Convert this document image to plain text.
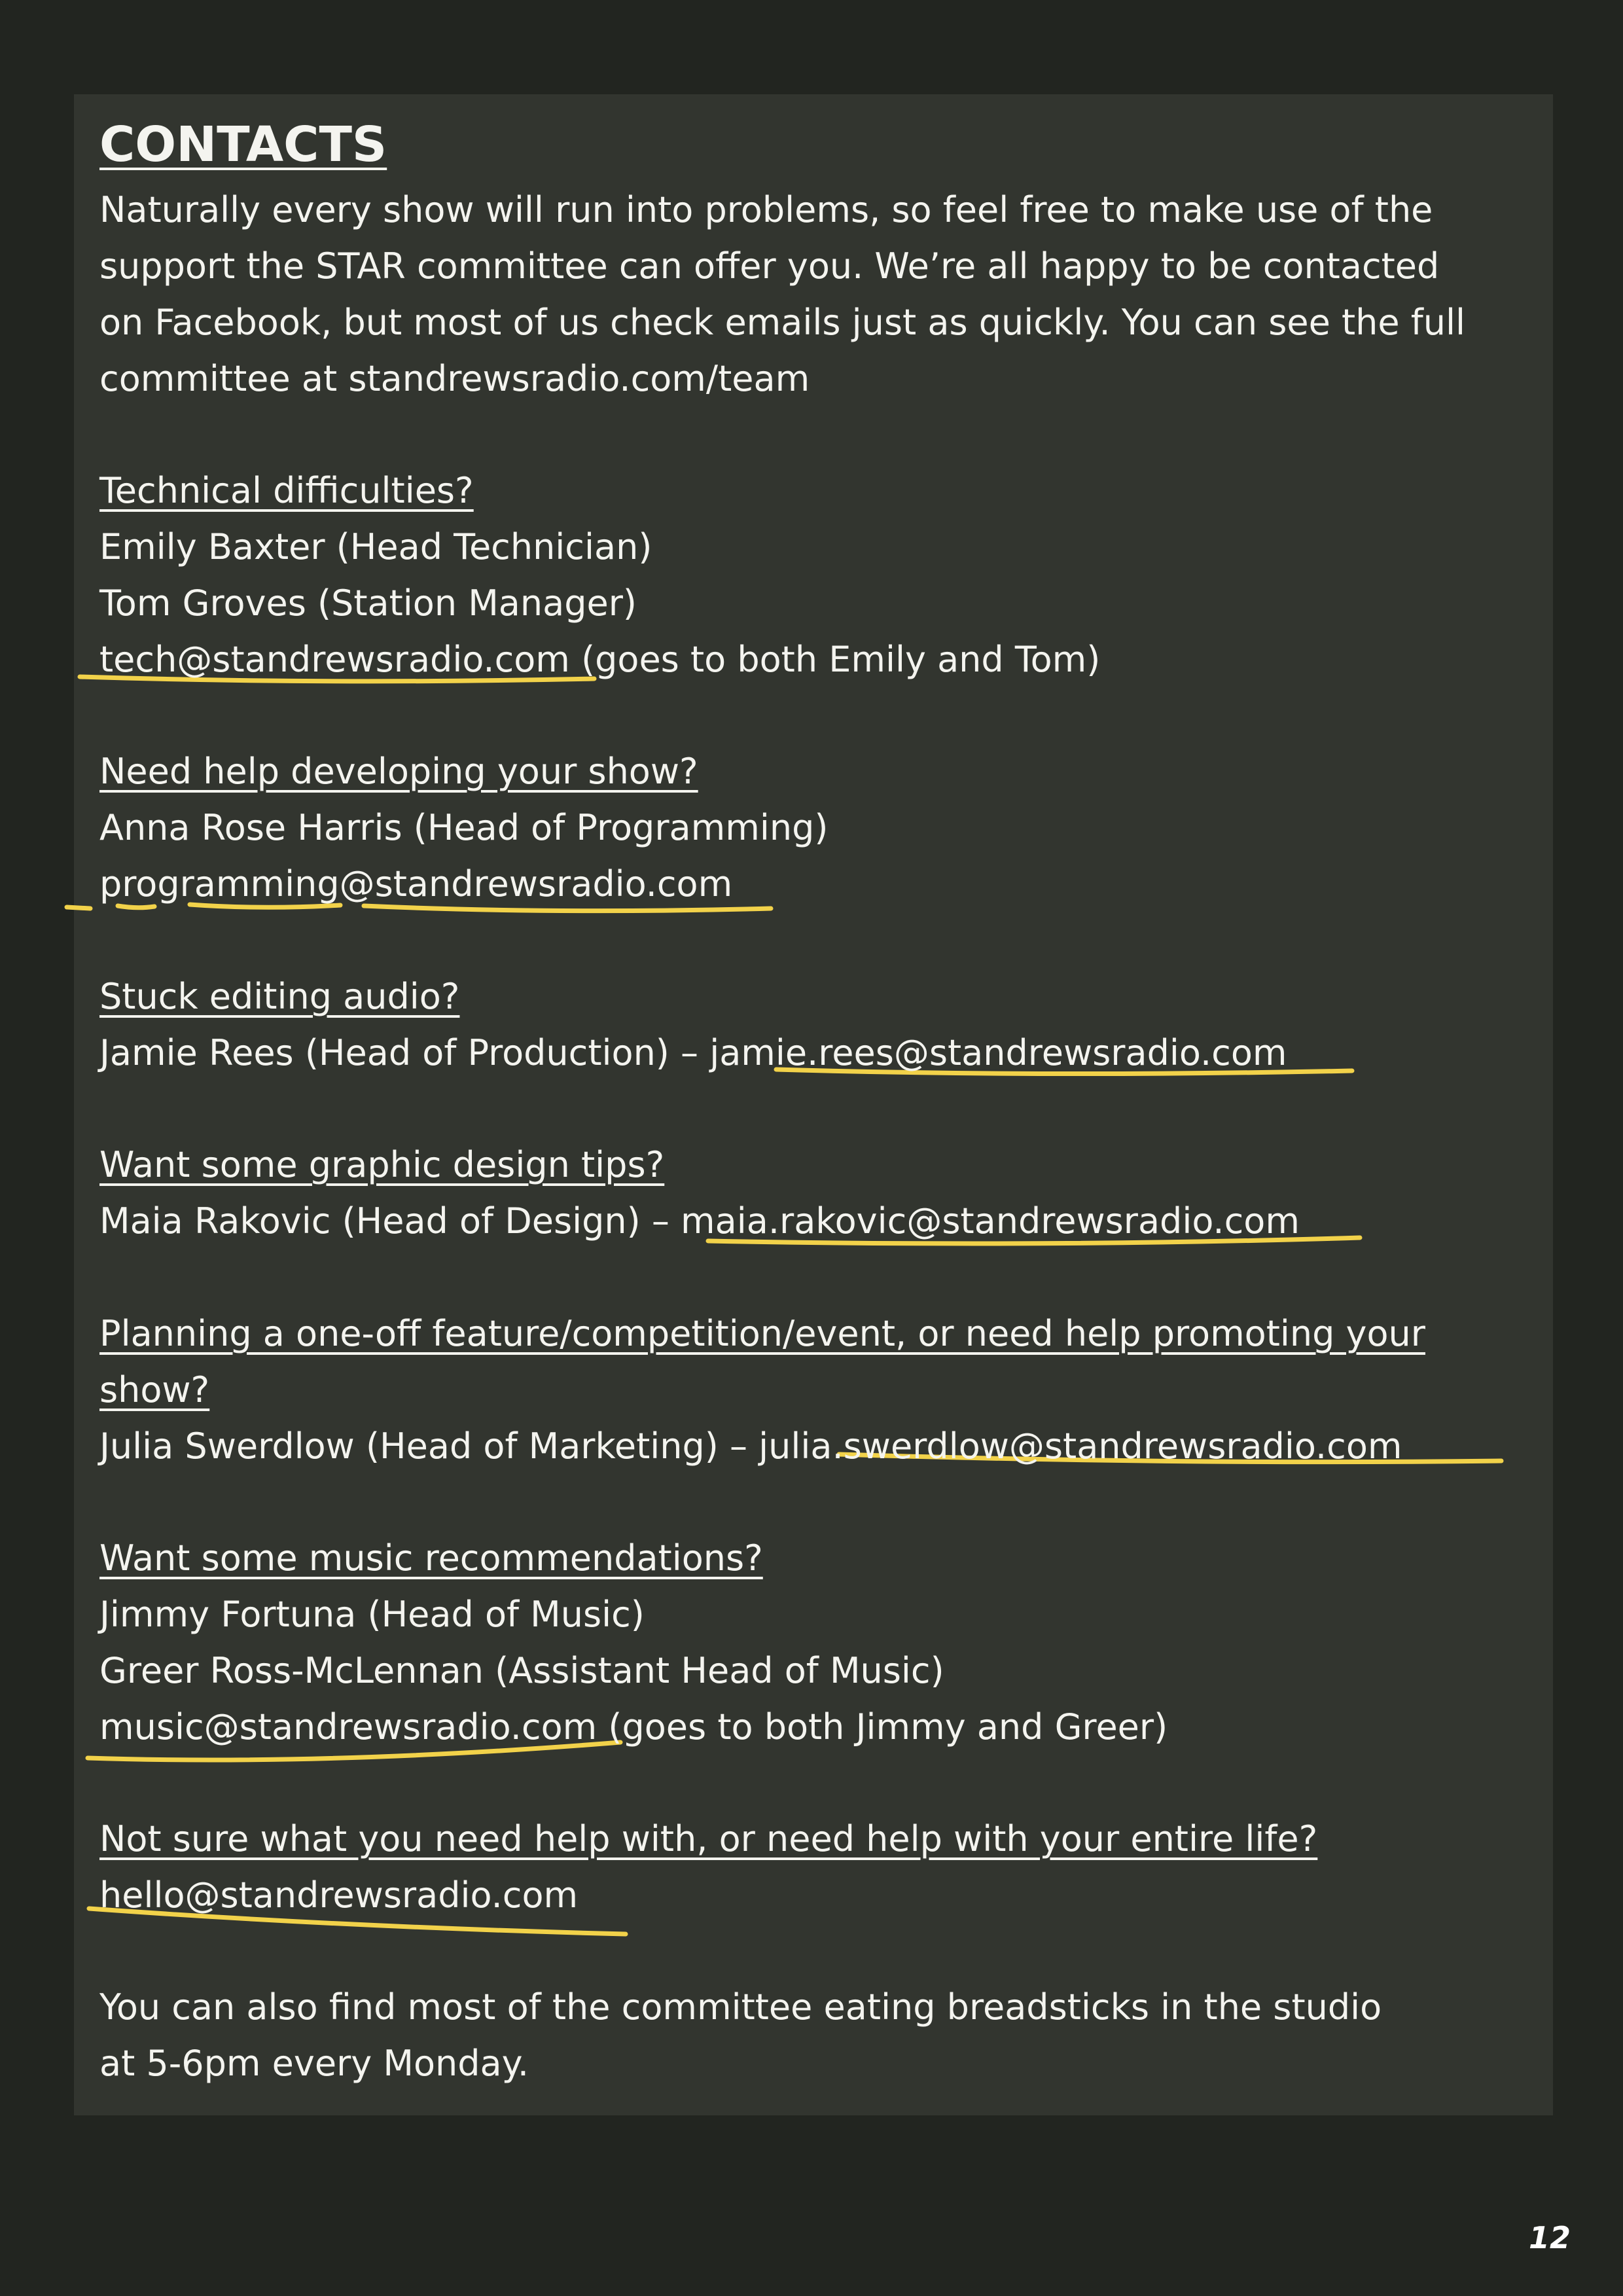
CONTACTS
Naturally every show will run into problems, so feel free to make use of the
support the STAR committee can offer you. We’re all happy to be contacted
on Facebook, but most of us check emails just as quickly. You can see the full
committee at standrewsradio.com/team
Technical difficulties?
Emily Baxter (Head Technician)
Tom Groves (Station Manager)
tech@standrewsradio.com (goes to both Emily and Tom)
Need help developing your show?
Anna Rose Harris (Head of Programming)
programming@standrewsradio.com
Stuck editing audio?
Jamie Rees (Head of Production) – jamie.rees@standrewsradio.com
Want some graphic design tips?
Maia Rakovic (Head of Design) – maia.rakovic@standrewsradio.com
Planning a one-off feature/competition/event, or need help promoting your
show?
Julia Swerdlow (Head of Marketing) – julia.swerdlow@standrewsradio.com
Want some music recommendations?
Jimmy Fortuna (Head of Music)
Greer Ross-McLennan (Assistant Head of Music)
music@standrewsradio.com (goes to both Jimmy and Greer)
Not sure what you need help with, or need help with your entire life?
hello@standrewsradio.com
You can also find most of the committee eating breadsticks in the studio
at 5-6pm every Monday.
12
